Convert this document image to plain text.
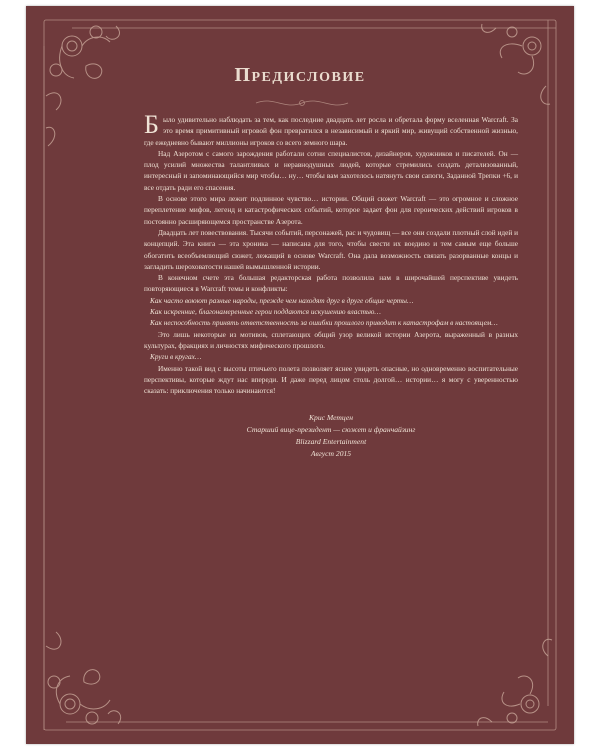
Предисловие

Было удивительно наблюдать за тем, как последние двадцать лет росла и обретала форму вселенная Warcraft. За это время примитивный игровой фон превратился в независимый и яркий мир, живущий собственной жизнью, где ежедневно бывают миллионы игроков со всего земного шара.

Над Азеротом с самого зарождения работали сотни специалистов, дизайнеров, художников и писателей. Он — плод усилий множества талантливых и неравнодушных людей, которые стремились создать детализованный, интересный и запоминающийся мир чтобы… ну… чтобы вам захотелось натянуть свои сапоги, Заданной Трепки +6, и все отдать ради его спасения.

В основе этого мира лежит подлинное чувство… истории. Общий сюжет Warcraft — это огромное и сложное переплетение мифов, легенд и катастрофических событий, которое задает фон для героических действий игроков в постоянно расширяющемся пространстве Азерота.

Двадцать лет повествования. Тысячи событий, персонажей, рас и чудовищ — все они создали плотный слой идей и концепций. Эта книга — эта хроника — написана для того, чтобы свести их воедино и тем самым еще больше обогатить всеобъемлющий сюжет, лежащий в основе Warcraft. Она дала возможность связать разорванные концы и загладить шероховатости нашей вымышленной истории.

В конечном счете эта большая редакторская работа позволила нам в широчайшей перспективе увидеть повторяющиеся в Warcraft темы и конфликты:

Как часто воюют разные народы, прежде чем находят друг в друге общие черты…

Как искренние, благонамеренные герои поддаются искушению властью…

Как неспособность принять ответственность за ошибки прошлого приводит к катастрофам в настоящем…

Это лишь некоторые из мотивов, сплетающих общий узор великой истории Азерота, выраженный в разных культурах, фракциях и личностях мифического прошлого.

Круги в кругах…

Именно такой вид с высоты птичьего полета позволяет яснее увидеть опасные, но одновременно воспитательные перспективы, которые ждут нас впереди. И даже перед лицом столь долгой… истории… я могу с уверенностью сказать: приключения только начинаются!

Крис Метцен
Старший вице-президент — сюжет и франчайзинг
Blizzard Entertainment
Август 2015
